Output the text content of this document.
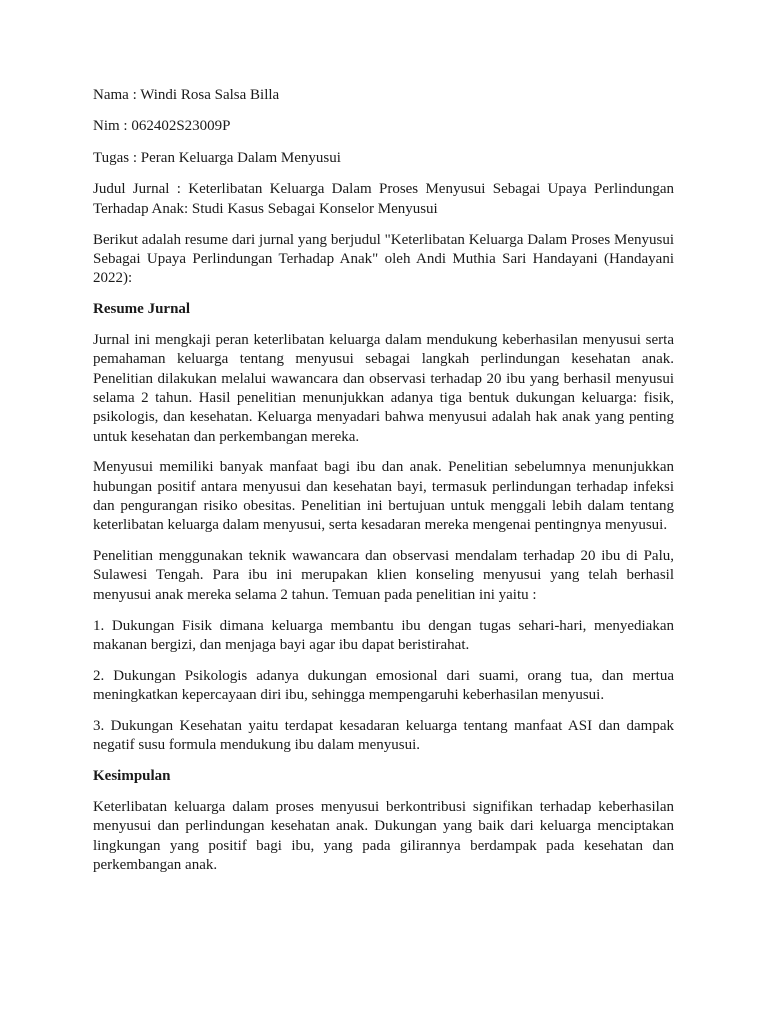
Nama : Windi Rosa Salsa Billa

Nim : 062402S23009P

Tugas : Peran Keluarga Dalam Menyusui

Judul Jurnal : Keterlibatan Keluarga Dalam Proses Menyusui Sebagai Upaya Perlindungan Terhadap Anak: Studi Kasus Sebagai Konselor Menyusui

Berikut adalah resume dari jurnal yang berjudul "Keterlibatan Keluarga Dalam Proses Menyusui Sebagai Upaya Perlindungan Terhadap Anak" oleh Andi Muthia Sari Handayani (Handayani 2022):

Resume Jurnal

Jurnal ini mengkaji peran keterlibatan keluarga dalam mendukung keberhasilan menyusui serta pemahaman keluarga tentang menyusui sebagai langkah perlindungan kesehatan anak. Penelitian dilakukan melalui wawancara dan observasi terhadap 20 ibu yang berhasil menyusui selama 2 tahun. Hasil penelitian menunjukkan adanya tiga bentuk dukungan keluarga: fisik, psikologis, dan kesehatan. Keluarga menyadari bahwa menyusui adalah hak anak yang penting untuk kesehatan dan perkembangan mereka.

Menyusui memiliki banyak manfaat bagi ibu dan anak. Penelitian sebelumnya menunjukkan hubungan positif antara menyusui dan kesehatan bayi, termasuk perlindungan terhadap infeksi dan pengurangan risiko obesitas. Penelitian ini bertujuan untuk menggali lebih dalam tentang keterlibatan keluarga dalam menyusui, serta kesadaran mereka mengenai pentingnya menyusui.

Penelitian menggunakan teknik wawancara dan observasi mendalam terhadap 20 ibu di Palu, Sulawesi Tengah. Para ibu ini merupakan klien konseling menyusui yang telah berhasil menyusui anak mereka selama 2 tahun. Temuan pada penelitian ini yaitu :

1. Dukungan Fisik dimana keluarga membantu ibu dengan tugas sehari-hari, menyediakan makanan bergizi, dan menjaga bayi agar ibu dapat beristirahat.

2. Dukungan Psikologis adanya dukungan emosional dari suami, orang tua, dan mertua meningkatkan kepercayaan diri ibu, sehingga mempengaruhi keberhasilan menyusui.

3. Dukungan Kesehatan yaitu terdapat kesadaran keluarga tentang manfaat ASI dan dampak negatif susu formula mendukung ibu dalam menyusui.

Kesimpulan

Keterlibatan keluarga dalam proses menyusui berkontribusi signifikan terhadap keberhasilan menyusui dan perlindungan kesehatan anak. Dukungan yang baik dari keluarga menciptakan lingkungan yang positif bagi ibu, yang pada gilirannya berdampak pada kesehatan dan perkembangan anak.
